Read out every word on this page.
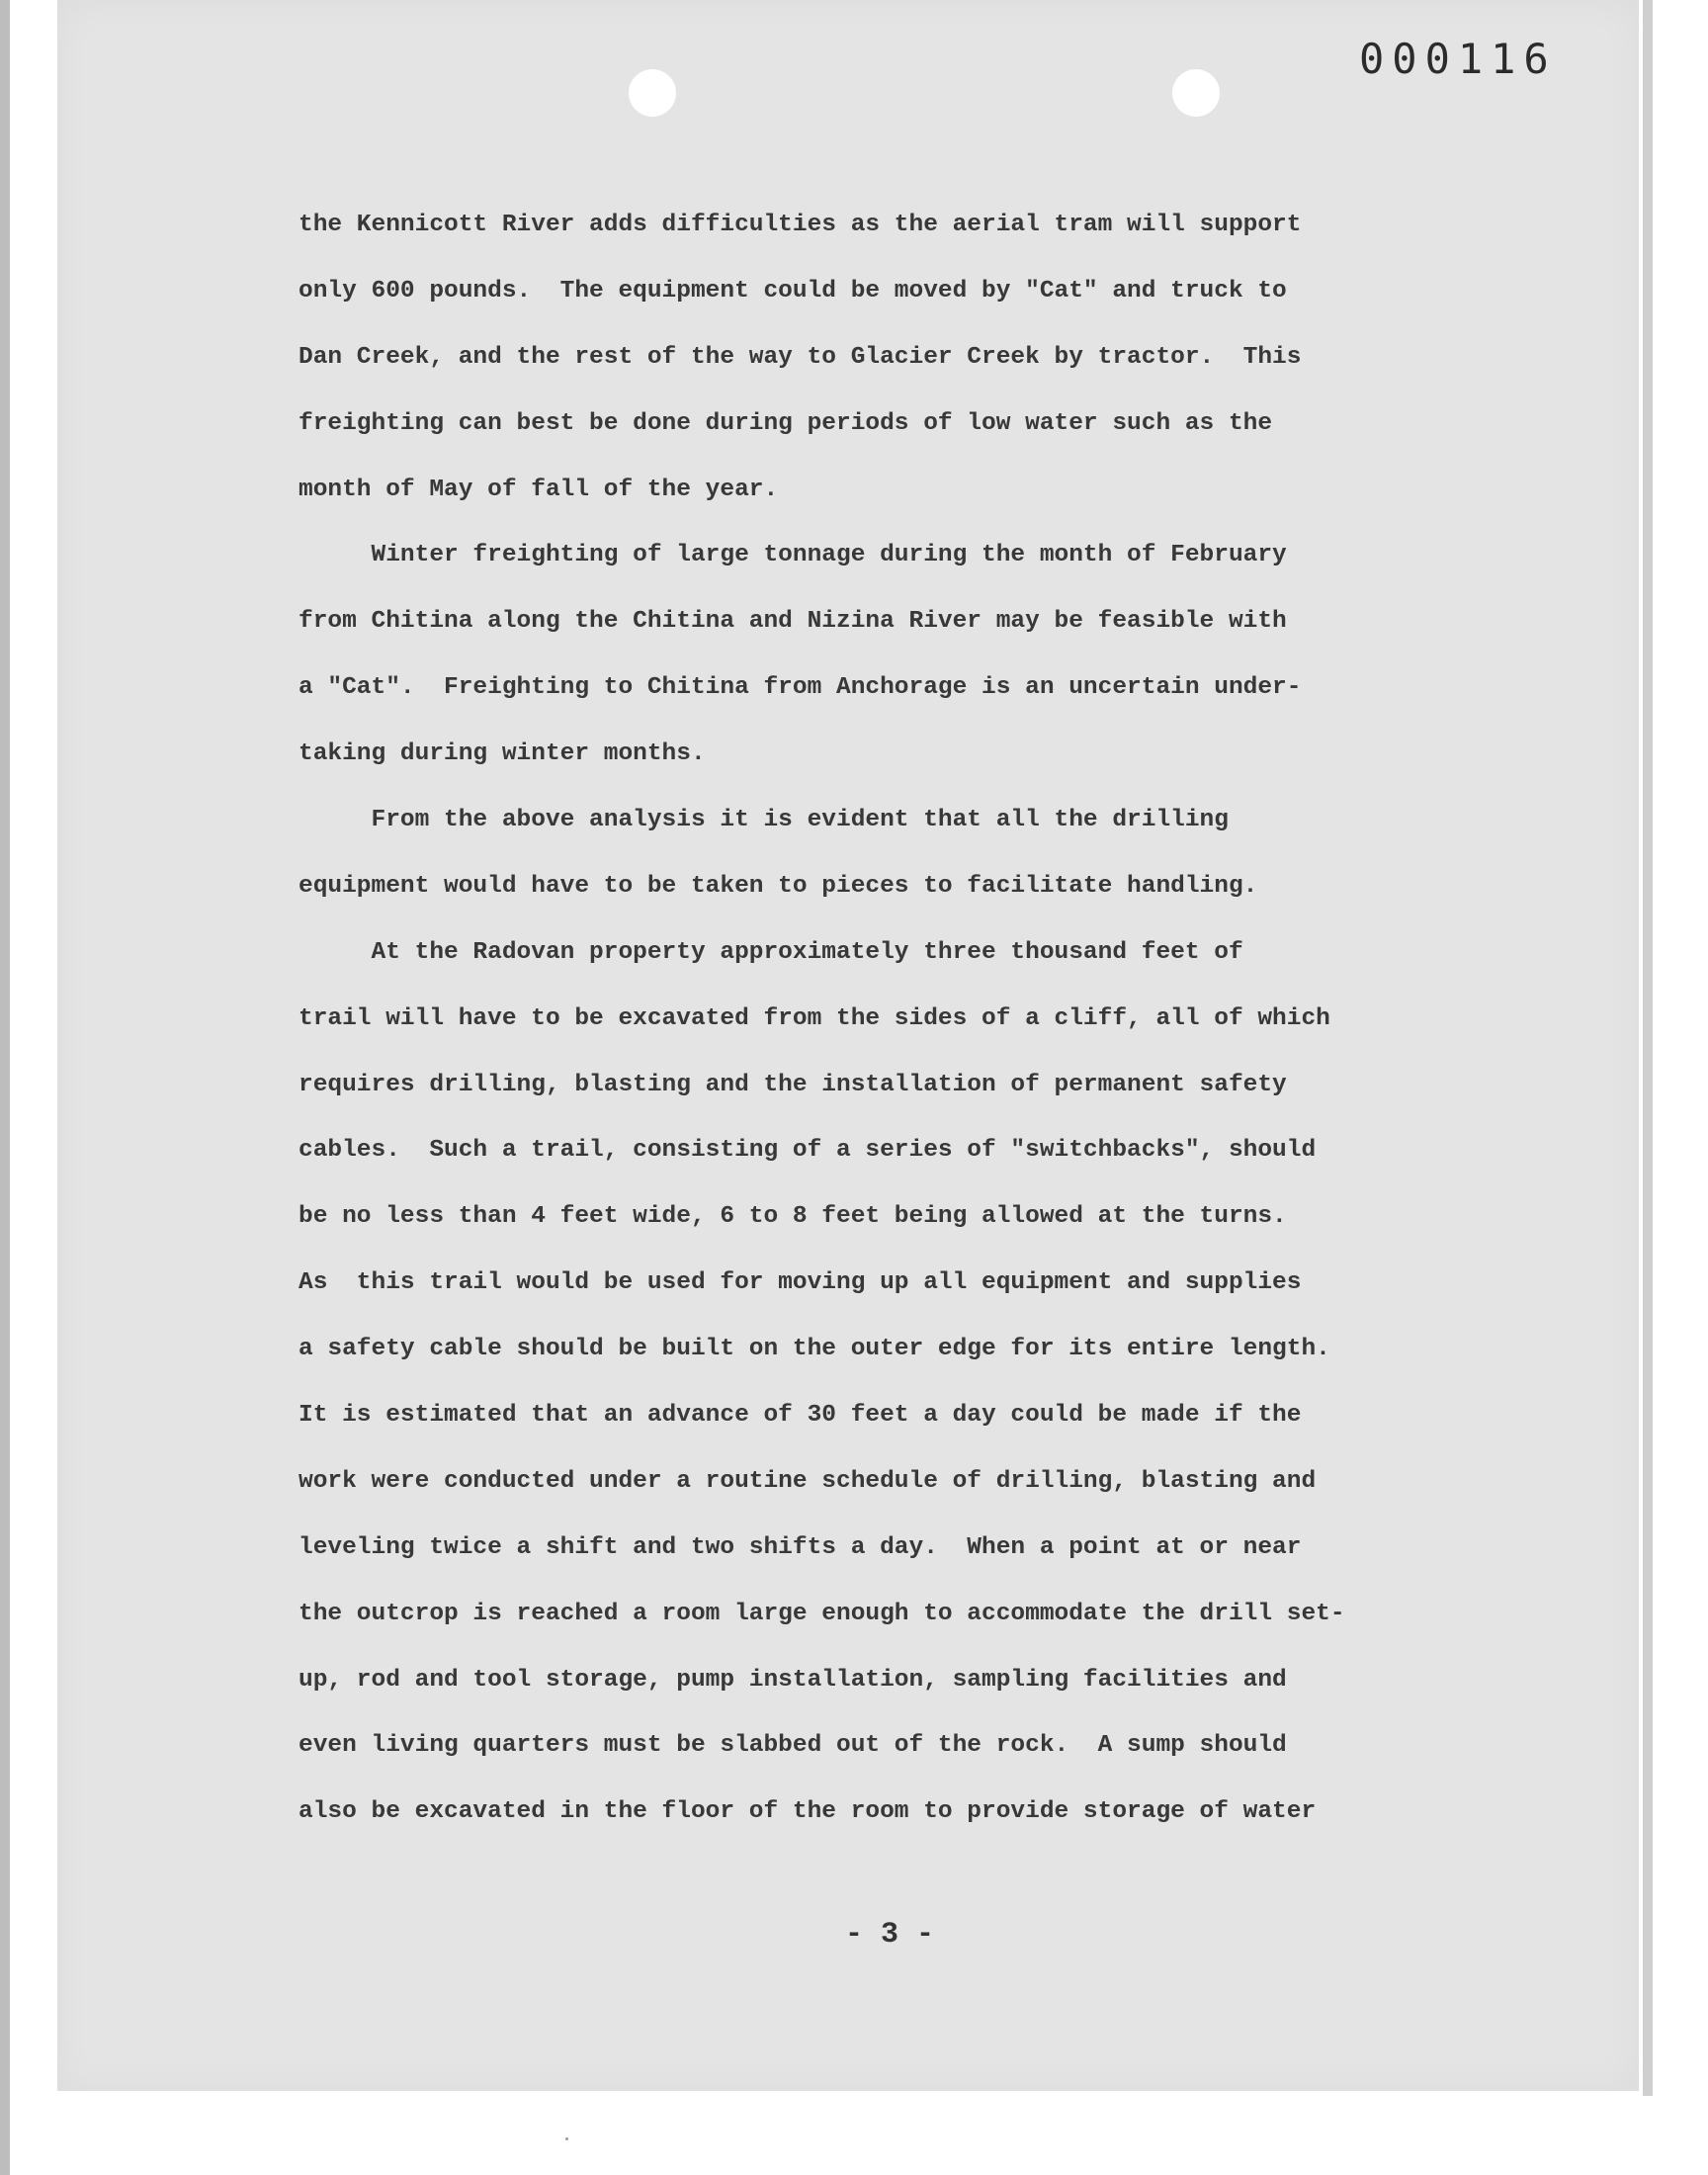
000116
the Kennicott River adds difficulties as the aerial tram will support
only 600 pounds.  The equipment could be moved by "Cat" and truck to
Dan Creek, and the rest of the way to Glacier Creek by tractor.  This
freighting can best be done during periods of low water such as the
month of May of fall of the year.
Winter freighting of large tonnage during the month of February
from Chitina along the Chitina and Nizina River may be feasible with
a "Cat".  Freighting to Chitina from Anchorage is an uncertain under-
taking during winter months.
From the above analysis it is evident that all the drilling
equipment would have to be taken to pieces to facilitate handling.
At the Radovan property approximately three thousand feet of
trail will have to be excavated from the sides of a cliff, all of which
requires drilling, blasting and the installation of permanent safety
cables.  Such a trail, consisting of a series of "switchbacks", should
be no less than 4 feet wide, 6 to 8 feet being allowed at the turns.
As  this trail would be used for moving up all equipment and supplies
a safety cable should be built on the outer edge for its entire length.
It is estimated that an advance of 30 feet a day could be made if the
work were conducted under a routine schedule of drilling, blasting and
leveling twice a shift and two shifts a day.  When a point at or near
the outcrop is reached a room large enough to accommodate the drill set-
up, rod and tool storage, pump installation, sampling facilities and
even living quarters must be slabbed out of the rock.  A sump should
also be excavated in the floor of the room to provide storage of water
- 3 -
